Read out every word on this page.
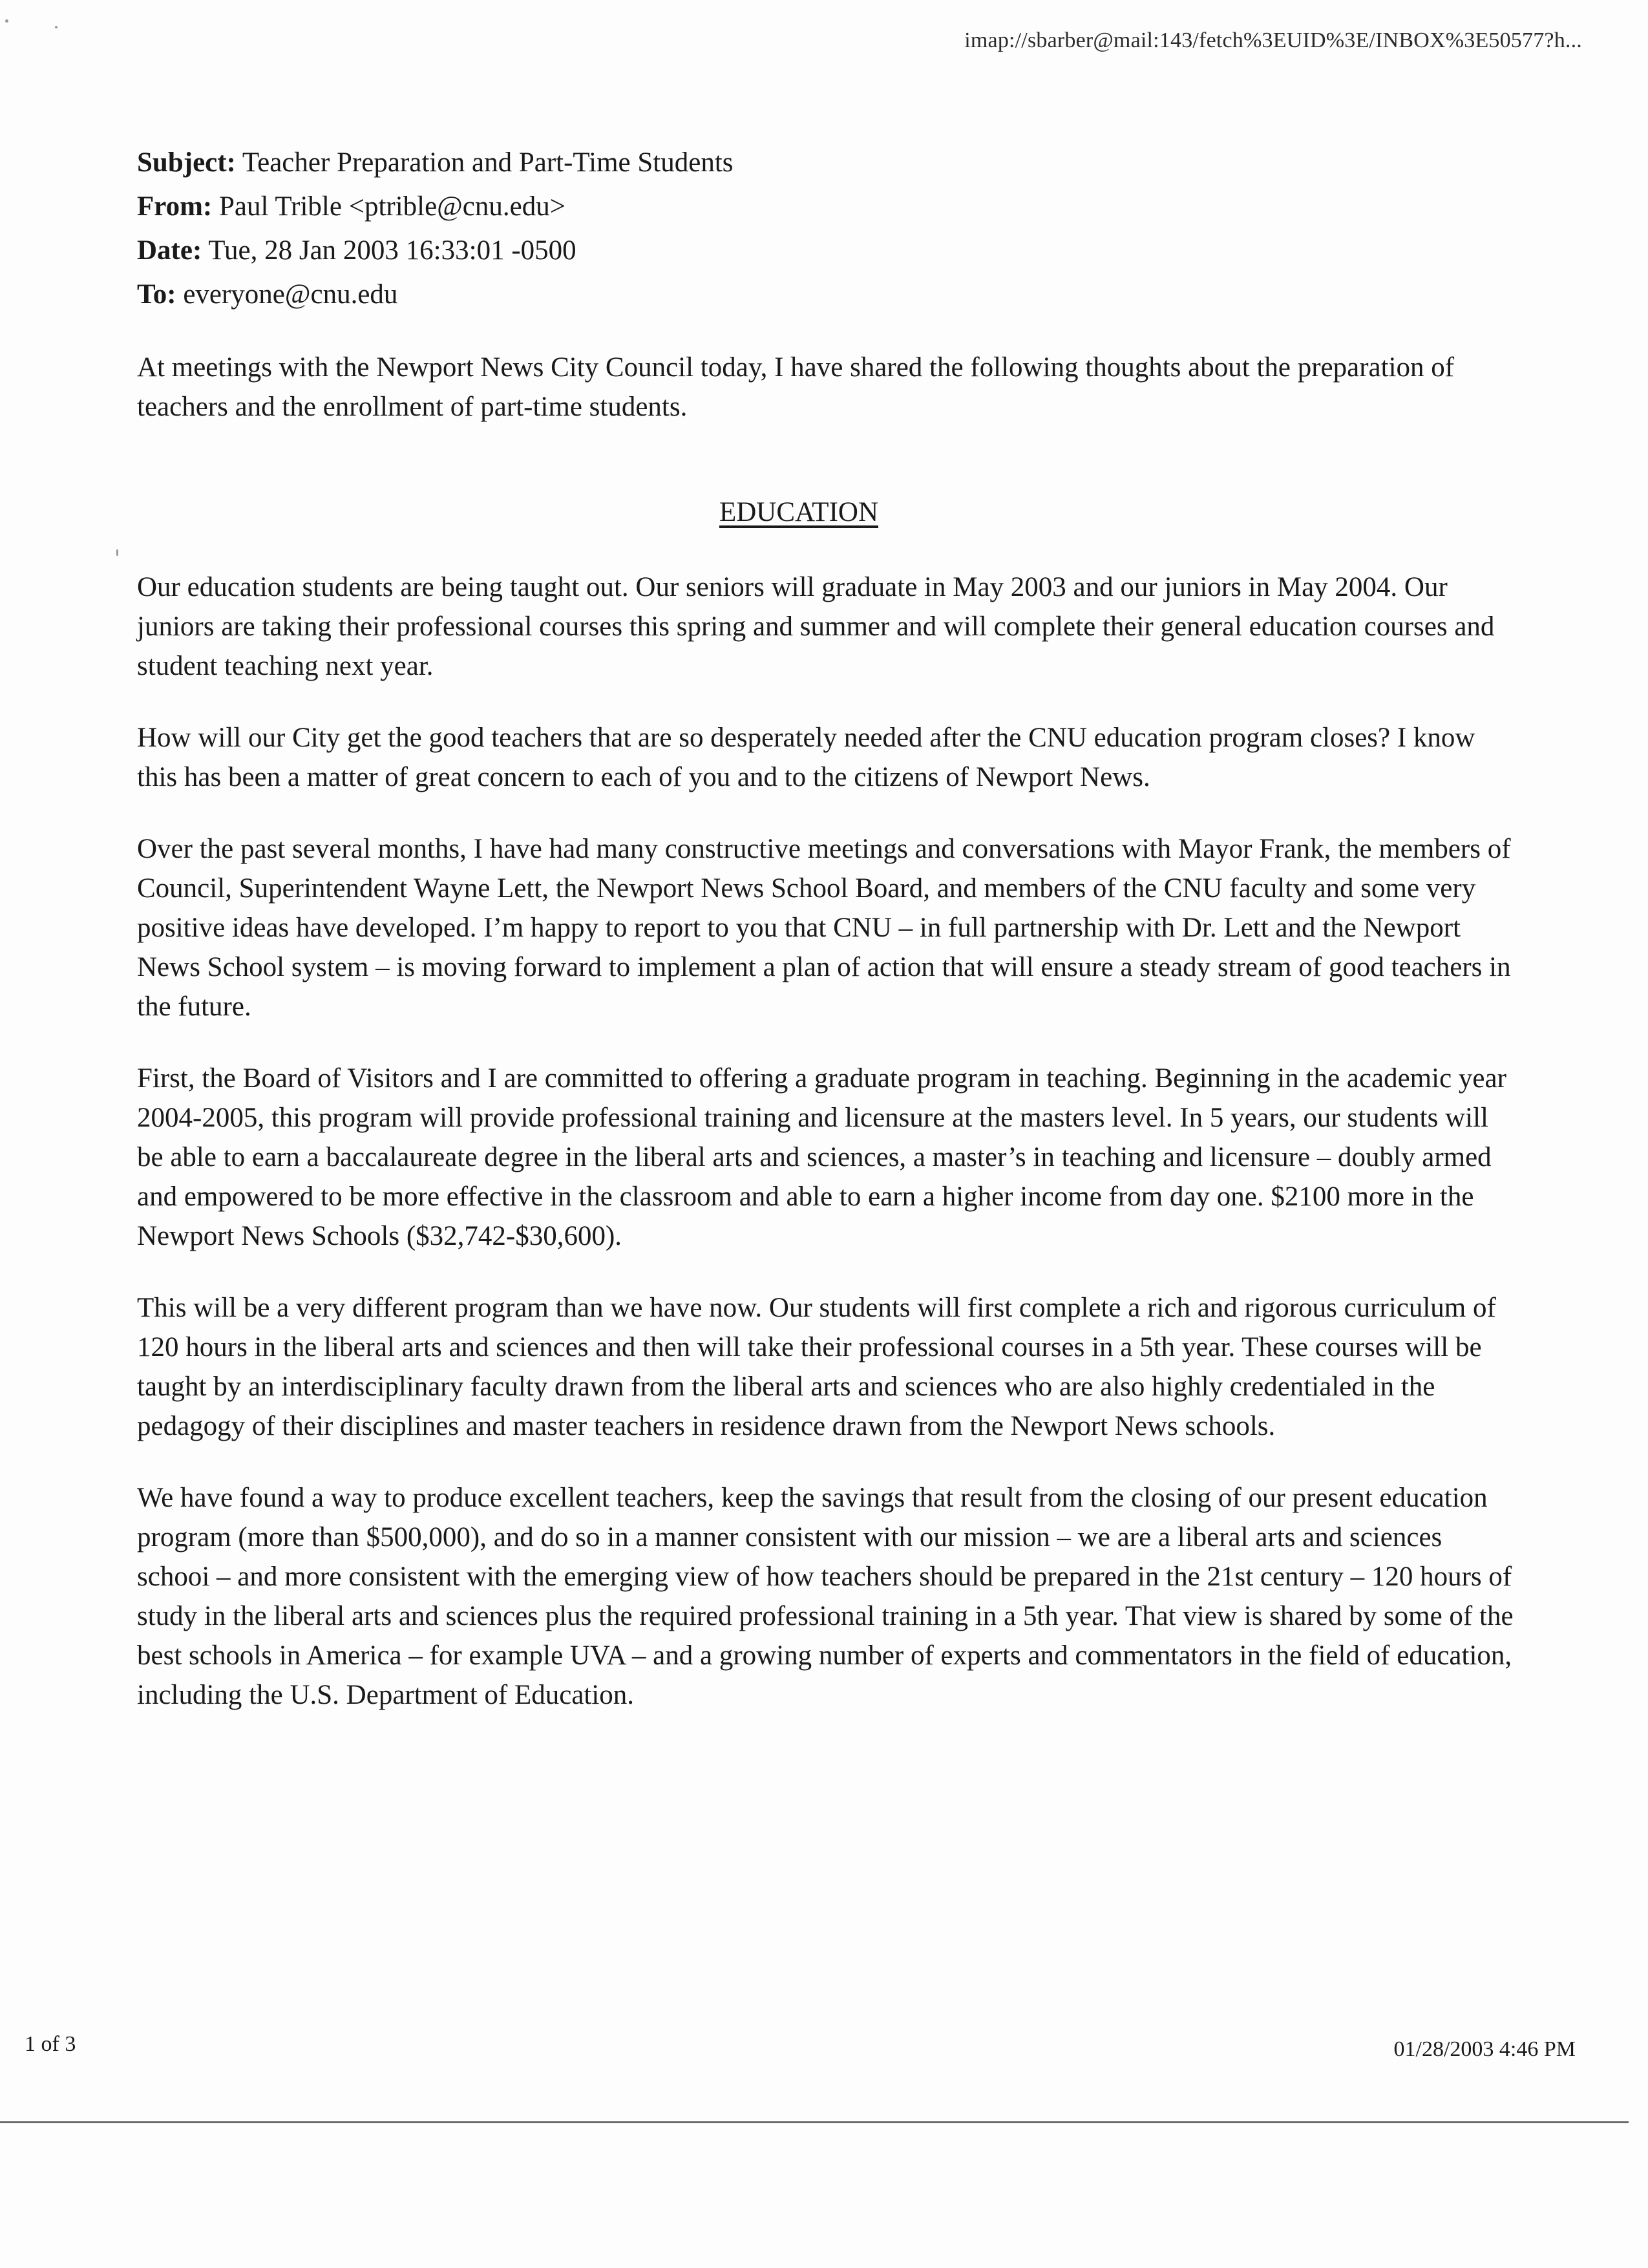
imap://sbarber@mail:143/fetch%3EUID%3E/INBOX%3E50577?h...
Subject: Teacher Preparation and Part-Time Students
From: Paul Trible <ptrible@cnu.edu>
Date: Tue, 28 Jan 2003 16:33:01 -0500
To: everyone@cnu.edu

At meetings with the Newport News City Council today, I have shared the following thoughts about the preparation of teachers and the enrollment of part-time students.

EDUCATION

Our education students are being taught out. Our seniors will graduate in May 2003 and our juniors in May 2004. Our juniors are taking their professional courses this spring and summer and will complete their general education courses and student teaching next year.

How will our City get the good teachers that are so desperately needed after the CNU education program closes? I know this has been a matter of great concern to each of you and to the citizens of Newport News.

Over the past several months, I have had many constructive meetings and conversations with Mayor Frank, the members of Council, Superintendent Wayne Lett, the Newport News School Board, and members of the CNU faculty and some very positive ideas have developed. I’m happy to report to you that CNU – in full partnership with Dr. Lett and the Newport News School system – is moving forward to implement a plan of action that will ensure a steady stream of good teachers in the future.

First, the Board of Visitors and I are committed to offering a graduate program in teaching. Beginning in the academic year 2004-2005, this program will provide professional training and licensure at the masters level. In 5 years, our students will be able to earn a baccalaureate degree in the liberal arts and sciences, a master’s in teaching and licensure – doubly armed and empowered to be more effective in the classroom and able to earn a higher income from day one. $2100 more in the Newport News Schools ($32,742-$30,600).

This will be a very different program than we have now. Our students will first complete a rich and rigorous curriculum of 120 hours in the liberal arts and sciences and then will take their professional courses in a 5th year. These courses will be taught by an interdisciplinary faculty drawn from the liberal arts and sciences who are also highly credentialed in the pedagogy of their disciplines and master teachers in residence drawn from the Newport News schools.

We have found a way to produce excellent teachers, keep the savings that result from the closing of our present education program (more than $500,000), and do so in a manner consistent with our mission – we are a liberal arts and sciences schooi – and more consistent with the emerging view of how teachers should be prepared in the 21st century – 120 hours of study in the liberal arts and sciences plus the required professional training in a 5th year. That view is shared by some of the best schools in America – for example UVA – and a growing number of experts and commentators in the field of education, including the U.S. Department of Education.

1 of 3	01/28/2003 4:46 PM
